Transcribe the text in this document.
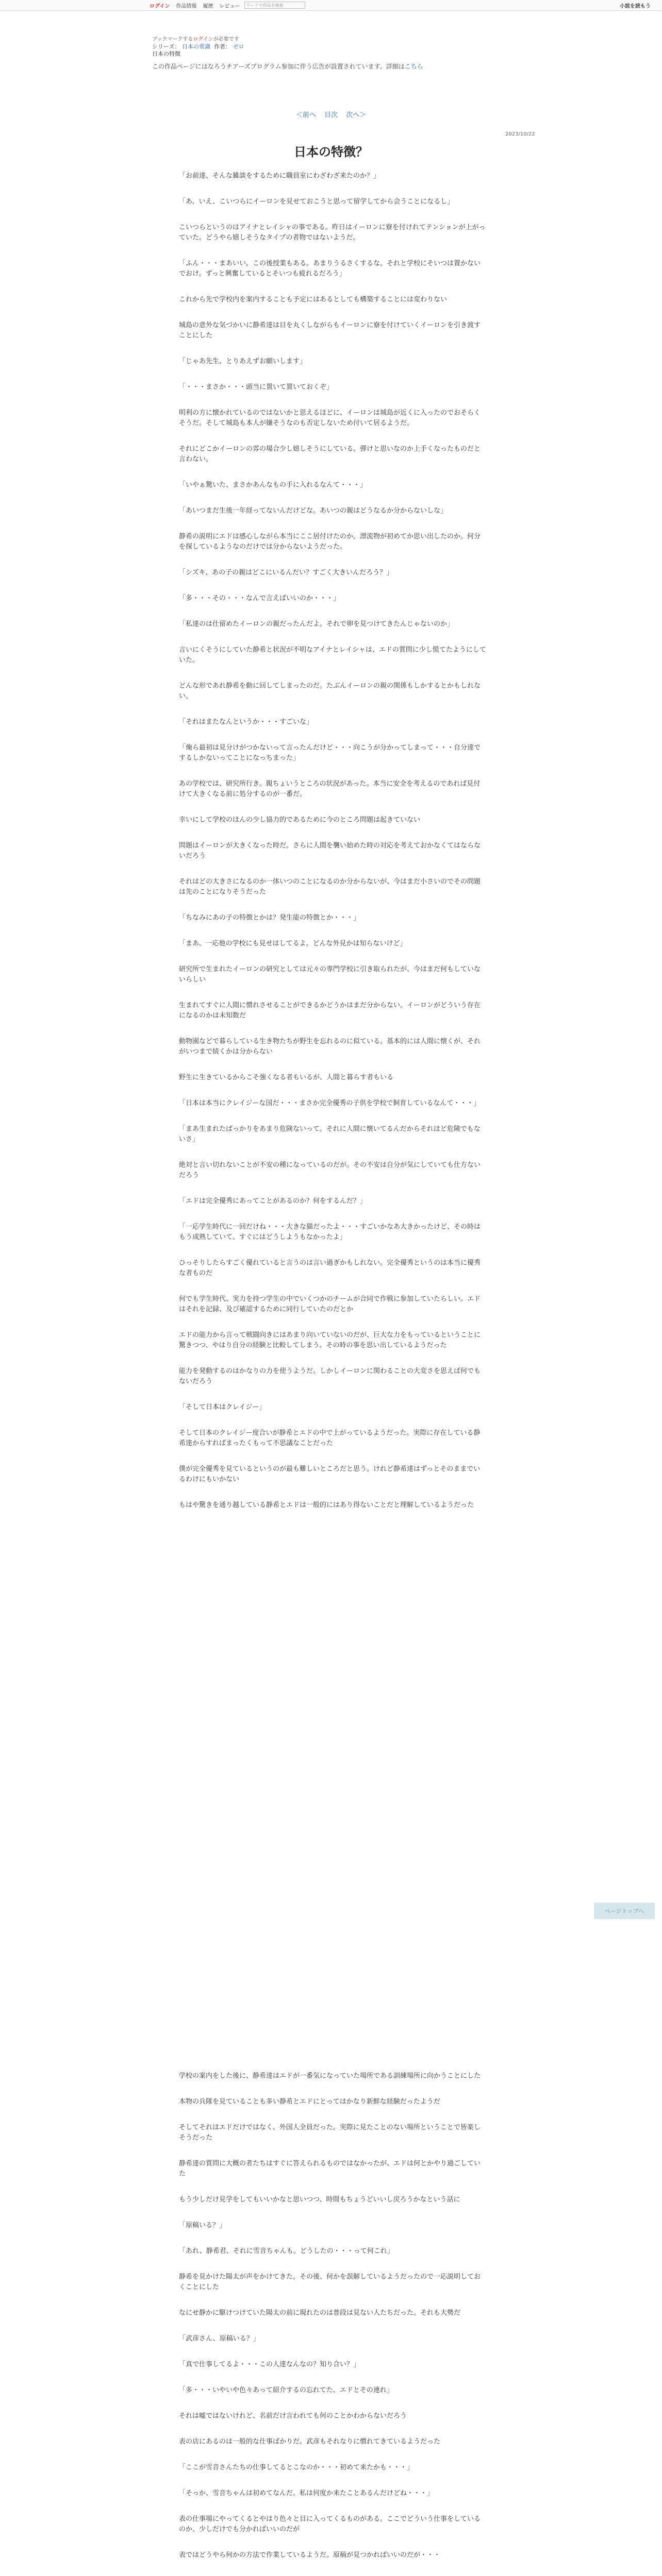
ログイン 作品情報 履歴 レビュー	ワードで作品を検索	小説を読もう
ブックマークするログインが必要です
シリーズ： 日本の常識 作者： ゼロ
日本の特徴
この作品ページにはなろうチアーズプログラム参加に伴う広告が設置されています。詳細はこちら
＜前へ 目次 次へ＞
2023/10/22
日本の特徴？

「お前達、そんな雑談をするために職員室にわざわざ来たのか？」

「あ、いえ、こいつらにイーロンを見せておこうと思って留学してから会うことになるし」

こいつらというのはアイナとレイシャの事である。昨日はイーロンに寮を付けれてテンションが上がっていた。どうやら嬉しそうなタイプの者物ではないようだ。

「ふん・・・まあいい。この後授業もある。あまりうるさくするな。それと学校にそいつは置かないでおけ。ずっと興奮しているとそいつも疲れるだろう」

これから先で学校内を案内することも予定にはあるとしても構築することには変わりない

城島の意外な気づかいに静希達は目を丸くしながらもイーロンに寮を付けていくイーロンを引き渡すことにした

「じゃあ先生、とりあえずお願いします」

「・・・まさか・・・頭当に置いて置いておくぞ」

明利の方に懐かれているのではないかと思えるほどに、イーロンは城島が近くに入ったのでおそらくそうだ。そして城島も本人が嫌そうなのも否定しないため付いて居るようだ。

それにどこかイーロンの雰の場合少し嬉しそうにしている。弾けと思いなのか上手くなったものだと言わない。

「いやぁ驚いた、まさかあんなもの手に入れるなんて・・・」

「あいつまだ生後一年経ってないんだけどな。あいつの親はどうなるか分からないしな」

静希の説明にエドは感心しながら本当にここ居付けたのか。漂流物が初めてか思い出したのか。何分を探しているようなのだけでは分からないようだった。

「シズキ、あの子の親はどこにいるんだい？すごく大きいんだろう？」

「多・・・その・・・なんで言えばいいのか・・・」

「私達のは仕留めたイーロンの親だったんだよ。それで卵を見つけてきたんじゃないのか」

言いにくそうにしていた静希と状況が不明なアイナとレイシャは、エドの質問に少し慌てたようにしていた。

どんな形であれ静希を動に回してしまったのだ。たぶんイーロンの親の関係もしかするとかもしれない。

「それはまたなんというか・・・すごいな」

「俺ら最初は見分けがつかないって言ったんだけど・・・向こうが分かってしまって・・・自分達でするしかないってことになっちまった」

あの学校では、研究所行き。親ちょいうところの状況があった。本当に安全を考えるのであれば見付けて大きくなる前に処分するのが一番だ。

幸いにして学校のほんの少し協力的であるために今のところ問題は起きていない

問題はイーロンが大きくなった時だ。さらに人間を襲い始めた時の対応を考えておかなくてはならないだろう

それはどの大きさになるのか一体いつのことになるのか分からないが、今はまだ小さいのでその問題は先のことになりそうだった

「ちなみにあの子の特徴とかは？発生能の特徴とか・・・」

「まあ、一応他の学校にも見せはしてるよ。どんな外見かは知らないけど」

研究所で生まれたイーロンの研究としては元々の専門学校に引き取られたが、今はまだ何もしていないらしい

生まれてすぐに人間に慣れさせることができるかどうかはまだ分からない。イーロンがどういう存在になるのかは未知数だ

動物園などで暮らしている生き物たちが野生を忘れるのに似ている。基本的には人間に懐くが、それがいつまで続くかは分からない

野生に生きているからこそ強くなる者もいるが、人間と暮らす者もいる

「日本は本当にクレイジーな国だ・・・まさか完全優秀の子供を学校で飼育しているなんて・・・」

「まあ生まれたばっかりをあまり危険ないって。それに人間に懐いてるんだからそれほど危険でもないさ」

絶対と言い切れないことが不安の種になっているのだが。その不安は自分が気にしていても仕方ないだろう

「エドは完全優秀にあってことがあるのか？何をするんだ？」

「一応学生時代に一回だけね・・・大きな猫だったよ・・・すごいかなあ大きかったけど、その時はもう成熟していて、すぐにはどうしようもなかったよ」

ひっそりしたらすごく優れていると言うのは言い過ぎかもしれない。完全優秀というのは本当に優秀な者ものだ

何でも学生時代、実力を持つ学生の中でいくつかのチームが合同で作戦に参加していたらしい。エドはそれを記録、及び確認するために同行していたのだとか

エドの能力から言って戦闘向きにはあまり向いていないのだが、巨大な力をもっているということに驚きつつ、やはり自分の経験と比較してしまう。その時の事を思い出しているようだった

能力を発動するのはかなりの力を使うようだ。しかしイーロンに関わることの大変さを思えば何でもないだろう

「そして日本はクレイジー」

そして日本のクレイジー度合いが静希とエドの中で上がっているようだった。実際に存在している静希達からすればまったくもって不思議なことだった

僕が完全優秀を見ているというのが最も難しいところだと思う。けれど静希達はずっとそのままでいるわけにもいかない

もはや驚きを通り越している静希とエドは一般的にはあり得ないことだと理解しているようだった

学校の案内をした後に、静希達はエドが一番気になっていた場所である訓練場所に向かうことにした

本物の兵隊を見ていることも多い静希とエドにとってはかなり新鮮な経験だったようだ

そしてそれはエドだけではなく、外国人全員だった。実際に見たことのない場所ということで皆楽しそうだった

静希達の質問に大概の者たちはすぐに答えられるものではなかったが、エドは何とかやり過ごしていた

もう少しだけ見学をしてもいいかなと思いつつ、時間もちょうどいいし戻ろうかなという話に

「原稿いる？」

「あれ、静希君、それに雪音ちゃんも。どうしたの・・・って何これ」

静希を見かけた陽太が声をかけてきた。その後、何かを誤解しているようだったので一応説明しておくことにした

なにせ静かに駆けつけていた陽太の前に現れたのは普段は見ない人たちだった。それも大勢だ

「武彦さん、原稿いる？」

「真で仕事してるよ・・・この人達なんなの？知り合い？」

「多・・・いやいや色々あって紹介するの忘れてた、エドとその連れ」

それは嘘ではないけれど、名前だけ言われても何のことかわからないだろう

表の店にあるのは一般的な仕事ばかりだ。武彦もそれなりに慣れてきているようだった

「ここが雪音さんたちの仕事してるとこなのか・・・初めて来たかも・・・」

「そっか、雪音ちゃんは初めてなんだ。私は何度か来たことあるんだけどね・・・」

表の仕事場にやってくるとやはり色々と目に入ってくるものがある。ここでどういう仕事をしているのか、少しだけでも分かればいいのだが

表ではどうやら何かの方法で作業しているようだ。原稿が見つかればいいのだが・・・

ページトップへ
